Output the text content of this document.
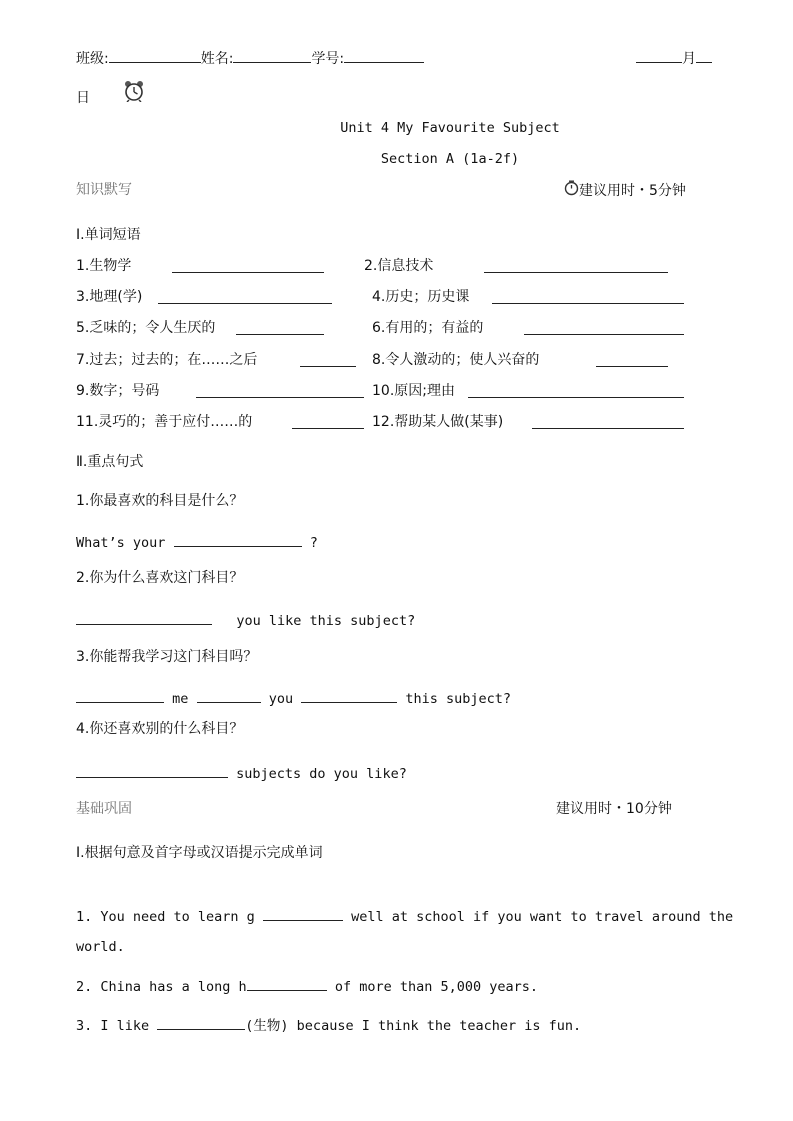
班级:	姓名:	学号:	月
日
Unit 4 My Favourite Subject
Section A (1a-2f)
知识默写	建议用时・5分钟
Ⅰ.单词短语
1.生物学	2.信息技术
3.地理(学)	4.历史；历史课
5.乏味的；令人生厌的	6.有用的；有益的
7.过去；过去的；在……之后	8.令人激动的；使人兴奋的
9.数字；号码	10.原因;理由
11.灵巧的；善于应付……的	12.帮助某人做(某事)
Ⅱ.重点句式
1.你最喜欢的科目是什么？
What’s your	?
2.你为什么喜欢这门科目？
you like this subject?
3.你能帮我学习这门科目吗？
me	you	this subject?
4.你还喜欢别的什么科目？
subjects do you like?
基础巩固	建议用时・10分钟
Ⅰ.根据句意及首字母或汉语提示完成单词
1. You need to learn g	well at school if you want to travel around the
world.
2. China has a long h	of more than 5,000 years.
3. I like	(生物) because I think the teacher is fun.
